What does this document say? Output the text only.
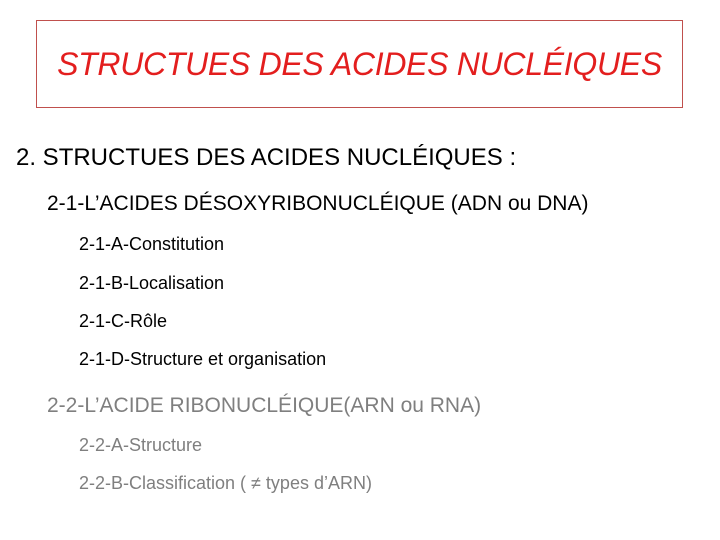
STRUCTUES DES ACIDES NUCLÉIQUES
2. STRUCTUES DES ACIDES NUCLÉIQUES :
2-1-L’ACIDES DÉSOXYRIBONUCLÉIQUE (ADN ou DNA)
2-1-A-Constitution
2-1-B-Localisation
2-1-C-Rôle
2-1-D-Structure et organisation
2-2-L’ACIDE RIBONUCLÉIQUE(ARN ou RNA)
2-2-A-Structure
2-2-B-Classification ( ≠ types d’ARN)
